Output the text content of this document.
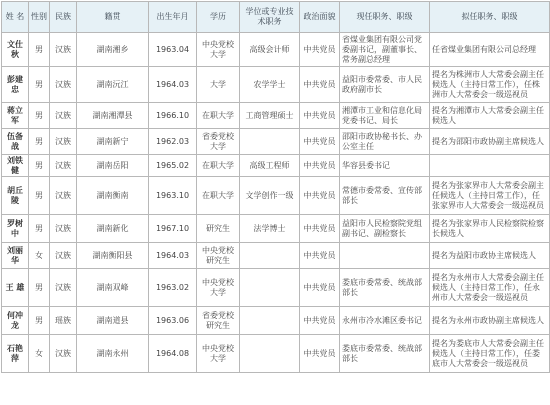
姓 名	性别	民族	籍贯	出生年月	学历	学位或专业技术职务	政治面貌	现任职务、职级	拟任职务、职级
文仕秋	男	汉族	湖南湘乡	1963.04	中央党校大学	高级会计师	中共党员	省煤业集团有限公司党委副书记，副董事长、常务副总经理	任省煤业集团有限公司总经理
彭建忠	男	汉族	湖南沅江	1964.03	大学	农学学士	中共党员	益阳市委常委、市人民政府副市长	提名为株洲市人大常委会副主任候选人（主持日常工作），任株洲市人大常委会一级巡视员
蒋立军	男	汉族	湖南湘潭县	1966.10	在职大学	工商管理硕士	中共党员	湘潭市工业和信息化局党委书记、局长	提名为湘潭市人大常委会副主任候选人
伍备战	男	汉族	湖南新宁	1962.03	省委党校大学		中共党员	邵阳市政协秘书长、办公室主任	提名为邵阳市政协副主席候选人
刘铁健	男	汉族	湖南岳阳	1965.02	在职大学	高级工程师	中共党员	华容县委书记	
胡丘陵	男	汉族	湖南衡南	1963.10	在职大学	文学创作一级	中共党员	常德市委常委、宣传部部长	提名为张家界市人大常委会副主任候选人（主持日常工作），任张家界市人大常委会一级巡视员
罗树中	男	汉族	湖南新化	1967.10	研究生	法学博士	中共党员	益阳市人民检察院党组副书记、副检察长	提名为张家界市人民检察院检察长候选人
刘丽华	女	汉族	湖南衡阳县	1964.03	中央党校研究生		中共党员		提名为益阳市政协主席候选人
王 雄	男	汉族	湖南双峰	1963.02	中央党校大学		中共党员	娄底市委常委、统战部部长	提名为永州市人大常委会副主任候选人（主持日常工作），任永州市人大常委会一级巡视员
何冲龙	男	瑶族	湖南道县	1963.06	省委党校研究生		中共党员	永州市冷水滩区委书记	提名为永州市政协副主席候选人
石艳萍	女	汉族	湖南永州	1964.08	中央党校大学		中共党员	娄底市委常委、统战部部长	提名为娄底市人大常委会副主任候选人（主持日常工作），任娄底市人大常委会一级巡视员
